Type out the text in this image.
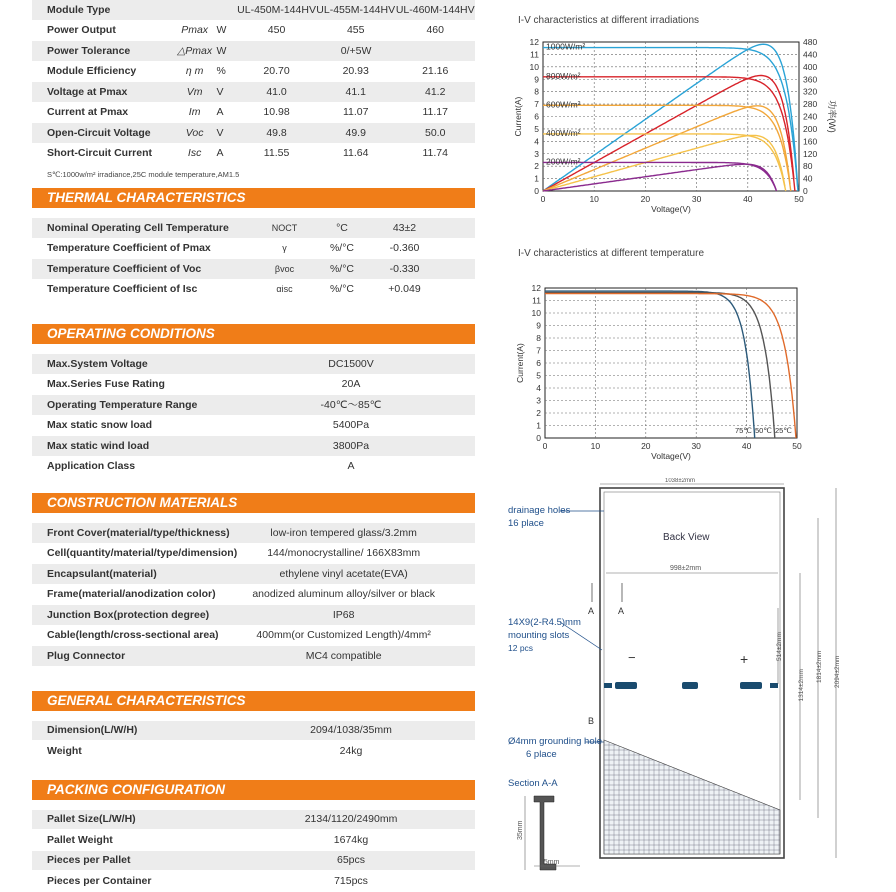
Module Type			UL-450M-144HV	UL-455M-144HV	UL-460M-144HV
Power Output	Pmax	W	450	455	460
Power Tolerance	△Pmax	W	0/+5W		
Module Efficiency	η m	%	20.70	20.93	21.16
Voltage at Pmax	Vm	V	41.0	41.1	41.2
Current at Pmax	Im	A	10.98	11.07	11.17
Open-Circuit Voltage	Voc	V	49.8	49.9	50.0
Short-Circuit Current	Isc	A	11.55	11.64	11.74
S℃:1000w/m² irradiance,25C module temperature,AM1.5
THERMAL CHARACTERISTICS
Nominal Operating Cell Temperature	NOCT	°C	43±2	
Temperature Coefficient of Pmax	γ	%/°C	-0.360	
Temperature Coefficient of Voc	βvoc	%/°C	-0.330	
Temperature Coefficient of Isc	αisc	%/°C	+0.049	
OPERATING CONDITIONS
Max.System Voltage	DC1500V
Max.Series Fuse Rating	20A
Operating Temperature Range	-40℃～85℃
Max static snow load	5400Pa
Max static wind load	3800Pa
Application Class	A
CONSTRUCTION MATERIALS
Front Cover(material/type/thickness)	low-iron tempered glass/3.2mm
Cell(quantity/material/type/dimension)	144/monocrystalline/ 166X83mm
Encapsulant(material)	ethylene vinyl acetate(EVA)
Frame(material/anodization color)	anodized aluminum alloy/silver or black
Junction Box(protection degree)	IP68
Cable(length/cross-sectional area)	400mm(or Customized Length)/4mm²
Plug Connector	MC4 compatible
GENERAL CHARACTERISTICS
Dimension(L/W/H)	2094/1038/35mm
Weight	24kg
PACKING CONFIGURATION
Pallet Size(L/W/H)	2134/1120/2490mm
Pallet Weight	1674kg
Pieces per Pallet	65pcs
Pieces per Container	715pcs
I-V characteristics at different irradiations
0
1
2
3
4
5
6
7
8
9
10
11
12
0	10	20	30	40	50
Voltage(V)
Current(A)
0
40
80
120
160
200
240
280
320
360
400
440
480
功率(W)
1000W/m²
800W/m²
600W/m²
400W/m²
200W/m²
I-V characteristics at different temperature
0
1
2
3
4
5
6
7
8
9
10
11
12
0	10	20	30	40	50
Voltage(V)
Current(A)
75℃ 50℃ 25℃
1038±2mm
998±2mm
Back View
drainage holes
16 place
A	A
14X9(2-R4.5)mm
mounting slots
12 pcs
−	+
B
Ø4mm grounding hole
6 place
Section A-A
35mm
35mm
514±2mm
1314±2mm
1814±2mm 2094±2mm
